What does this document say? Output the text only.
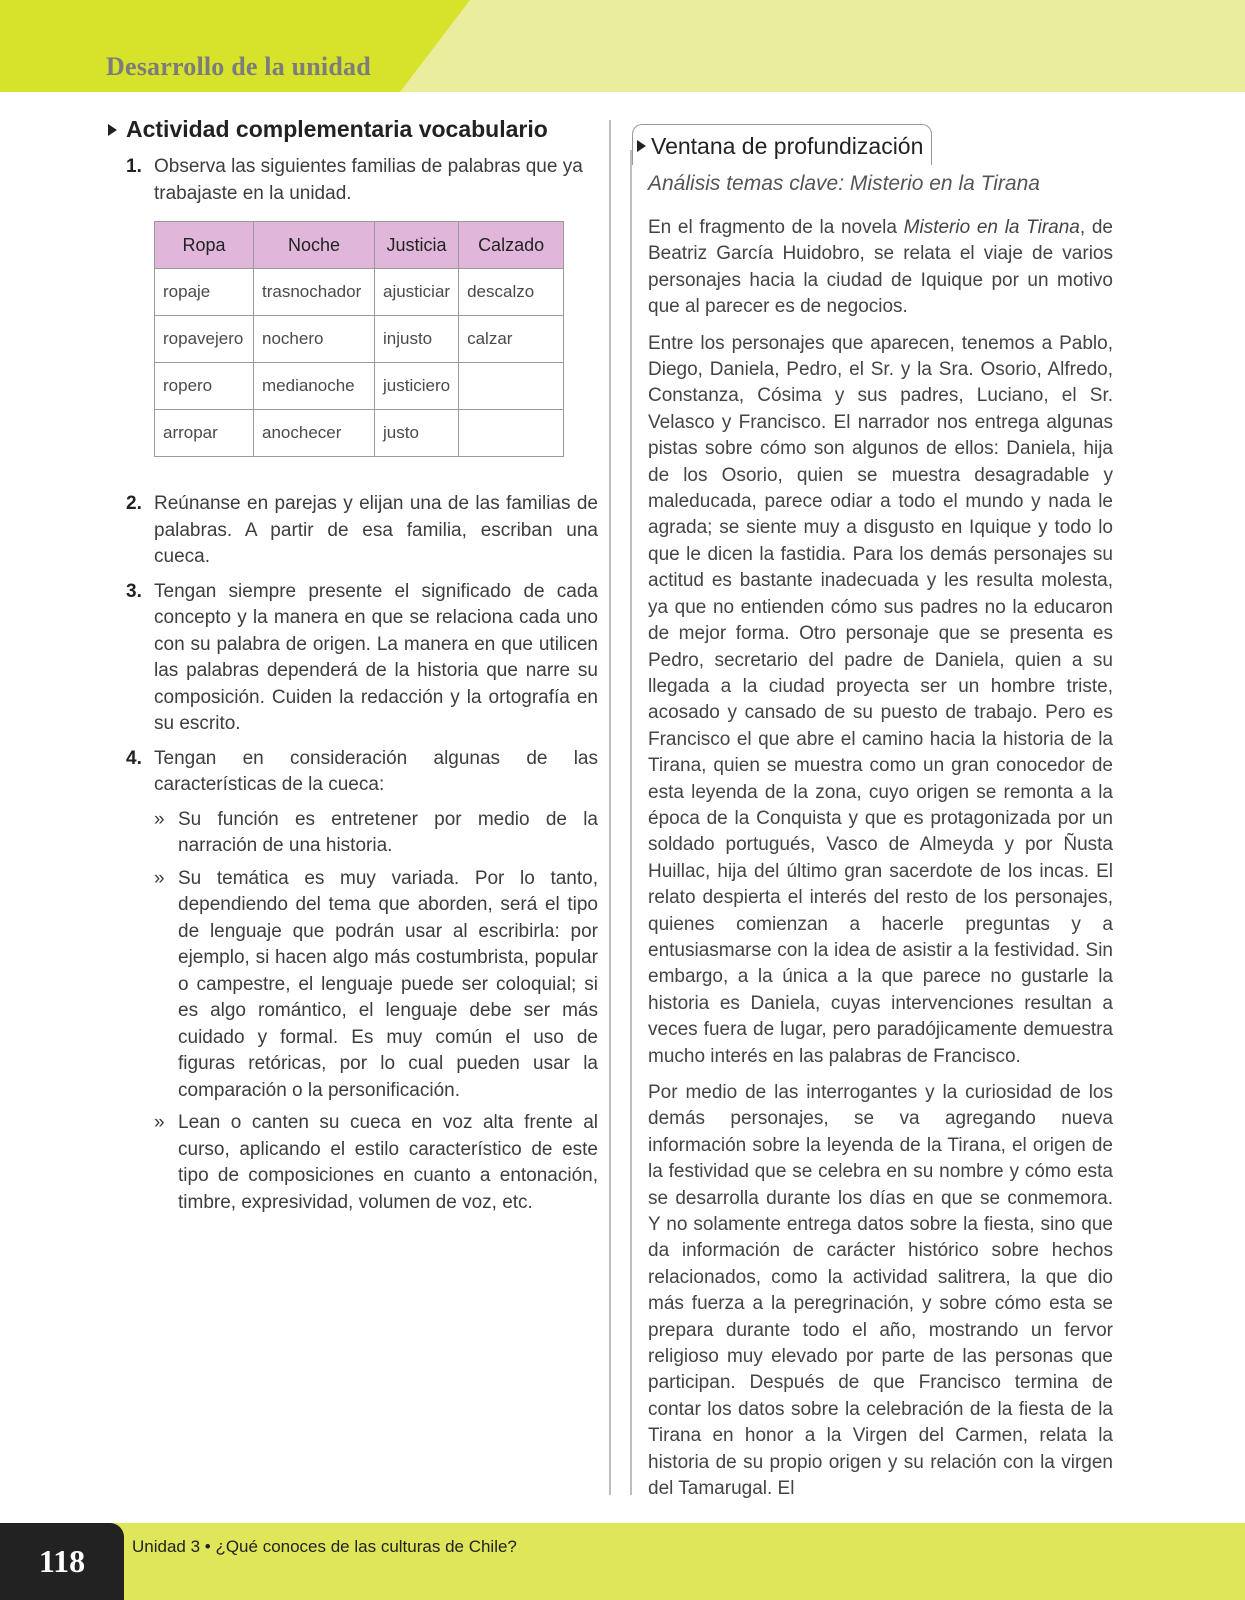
Desarrollo de la unidad
Actividad complementaria vocabulario
1. Observa las siguientes familias de palabras que ya trabajaste en la unidad.
Ropa	Noche	Justicia	Calzado
ropaje	trasnochador	ajusticiar	descalzo
ropavejero	nochero	injusto	calzar
ropero	medianoche	justiciero	
arropar	anochecer	justo	
2. Reúnanse en parejas y elijan una de las familias de palabras. A partir de esa familia, escriban una cueca.
3. Tengan siempre presente el significado de cada concepto y la manera en que se relaciona cada uno con su palabra de origen. La manera en que utilicen las palabras dependerá de la historia que narre su composición. Cuiden la redacción y la ortografía en su escrito.
4. Tengan en consideración algunas de las características de la cueca:
» Su función es entretener por medio de la narración de una historia.
» Su temática es muy variada. Por lo tanto, dependiendo del tema que aborden, será el tipo de lenguaje que podrán usar al escribirla: por ejemplo, si hacen algo más costumbrista, popular o campestre, el lenguaje puede ser coloquial; si es algo romántico, el lenguaje debe ser más cuidado y formal. Es muy común el uso de figuras retóricas, por lo cual pueden usar la comparación o la personificación.
» Lean o canten su cueca en voz alta frente al curso, aplicando el estilo característico de este tipo de composiciones en cuanto a entonación, timbre, expresividad, volumen de voz, etc.
Ventana de profundización
Análisis temas clave: Misterio en la Tirana

En el fragmento de la novela Misterio en la Tirana, de Beatriz García Huidobro, se relata el viaje de varios personajes hacia la ciudad de Iquique por un motivo que al parecer es de negocios.

Entre los personajes que aparecen, tenemos a Pablo, Diego, Daniela, Pedro, el Sr. y la Sra. Osorio, Alfredo, Constanza, Cósima y sus padres, Luciano, el Sr. Velasco y Francisco. El narrador nos entrega algunas pistas sobre cómo son algunos de ellos: Daniela, hija de los Osorio, quien se muestra desagradable y maleducada, parece odiar a todo el mundo y nada le agrada; se siente muy a disgusto en Iquique y todo lo que le dicen la fastidia. Para los demás personajes su actitud es bastante inadecuada y les resulta molesta, ya que no entienden cómo sus padres no la educaron de mejor forma. Otro personaje que se presenta es Pedro, secretario del padre de Daniela, quien a su llegada a la ciudad proyecta ser un hombre triste, acosado y cansado de su puesto de trabajo. Pero es Francisco el que abre el camino hacia la historia de la Tirana, quien se muestra como un gran conocedor de esta leyenda de la zona, cuyo origen se remonta a la época de la Conquista y que es protagonizada por un soldado portugués, Vasco de Almeyda y por Ñusta Huillac, hija del último gran sacerdote de los incas. El relato despierta el interés del resto de los personajes, quienes comienzan a hacerle preguntas y a entusiasmarse con la idea de asistir a la festividad. Sin embargo, a la única a la que parece no gustarle la historia es Daniela, cuyas intervenciones resultan a veces fuera de lugar, pero paradójicamente demuestra mucho interés en las palabras de Francisco.

Por medio de las interrogantes y la curiosidad de los demás personajes, se va agregando nueva información sobre la leyenda de la Tirana, el origen de la festividad que se celebra en su nombre y cómo esta se desarrolla durante los días en que se conmemora. Y no solamente entrega datos sobre la fiesta, sino que da información de carácter histórico sobre hechos relacionados, como la actividad salitrera, la que dio más fuerza a la peregrinación, y sobre cómo esta se prepara durante todo el año, mostrando un fervor religioso muy elevado por parte de las personas que participan. Después de que Francisco termina de contar los datos sobre la celebración de la fiesta de la Tirana en honor a la Virgen del Carmen, relata la historia de su propio origen y su relación con la virgen del Tamarugal. El

118	Unidad 3 • ¿Qué conoces de las culturas de Chile?
